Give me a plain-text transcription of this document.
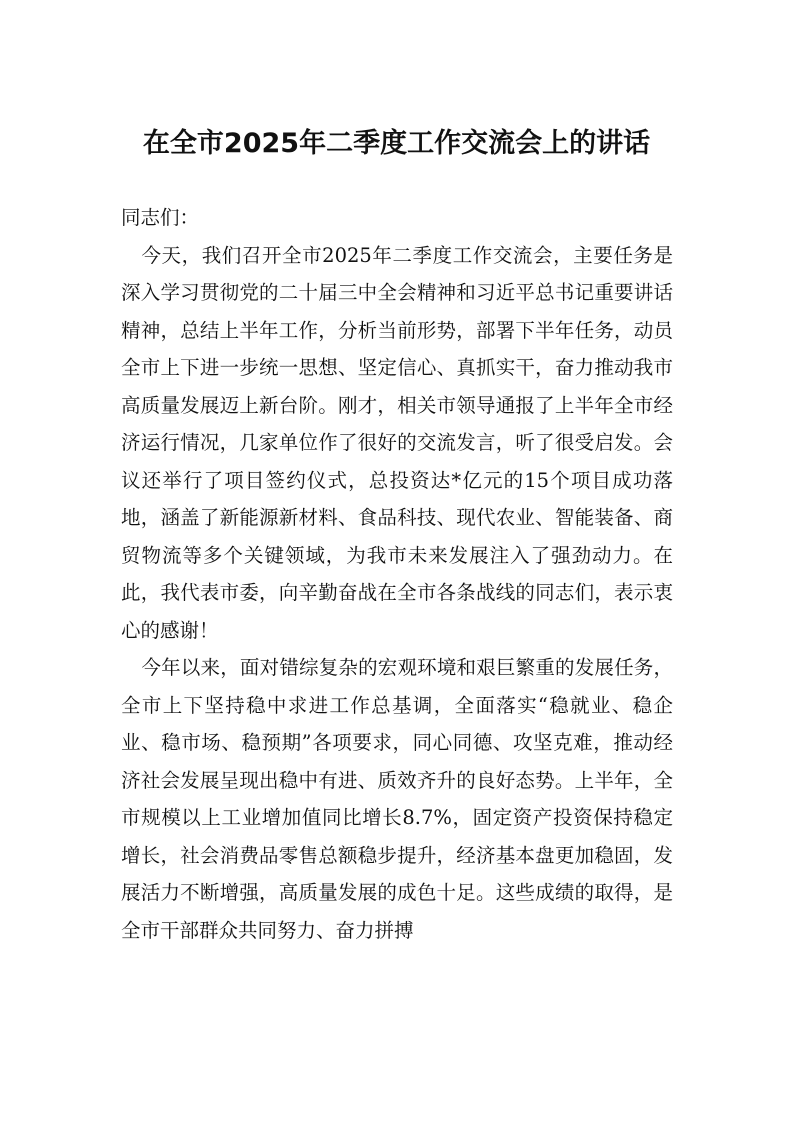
在全市2025年二季度工作交流会上的讲话

同志们：

今天，我们召开全市2025年二季度工作交流会，主要任务是深入学习贯彻党的二十届三中全会精神和习近平总书记重要讲话精神，总结上半年工作，分析当前形势，部署下半年任务，动员全市上下进一步统一思想、坚定信心、真抓实干，奋力推动我市高质量发展迈上新台阶。刚才，相关市领导通报了上半年全市经济运行情况，几家单位作了很好的交流发言，听了很受启发。会议还举行了项目签约仪式，总投资达*亿元的15个项目成功落地，涵盖了新能源新材料、食品科技、现代农业、智能装备、商贸物流等多个关键领域，为我市未来发展注入了强劲动力。在此，我代表市委，向辛勤奋战在全市各条战线的同志们，表示衷心的感谢！

今年以来，面对错综复杂的宏观环境和艰巨繁重的发展任务，全市上下坚持稳中求进工作总基调，全面落实“稳就业、稳企业、稳市场、稳预期”各项要求，同心同德、攻坚克难，推动经济社会发展呈现出稳中有进、质效齐升的良好态势。上半年，全市规模以上工业增加值同比增长8.7%，固定资产投资保持稳定增长，社会消费品零售总额稳步提升，经济基本盘更加稳固，发展活力不断增强，高质量发展的成色十足。这些成绩的取得，是全市干部群众共同努力、奋力拼搏
